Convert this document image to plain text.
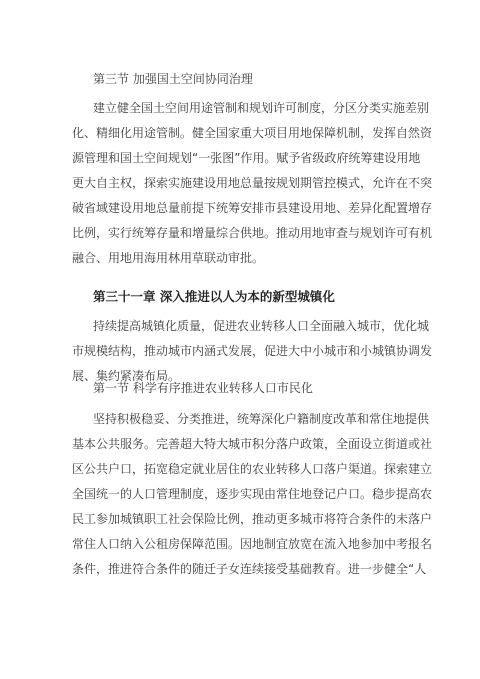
第三节 加强国土空间协同治理
建立健全国土空间用途管制和规划许可制度，分区分类实施差别
化、精细化用途管制。健全国家重大项目用地保障机制，发挥自然资
源管理和国土空间规划“一张图”作用。赋予省级政府统筹建设用地
更大自主权，探索实施建设用地总量按规划期管控模式，允许在不突
破省域建设用地总量前提下统筹安排市县建设用地、差异化配置增存
比例，实行统筹存量和增量综合供地。推动用地审查与规划许可有机
融合、用地用海用林用草联动审批。
第三十一章 深入推进以人为本的新型城镇化
持续提高城镇化质量，促进农业转移人口全面融入城市，优化城
市规模结构，推动城市内涵式发展，促进大中小城市和小城镇协调发
展、集约紧凑布局。
第一节 科学有序推进农业转移人口市民化
坚持积极稳妥、分类推进，统筹深化户籍制度改革和常住地提供
基本公共服务。完善超大特大城市积分落户政策，全面设立街道或社
区公共户口，拓宽稳定就业居住的农业转移人口落户渠道。探索建立
全国统一的人口管理制度，逐步实现由常住地登记户口。稳步提高农
民工参加城镇职工社会保险比例，推动更多城市将符合条件的未落户
常住人口纳入公租房保障范围。因地制宜放宽在流入地参加中考报名
条件，推进符合条件的随迁子女连续接受基础教育。进一步健全“人
